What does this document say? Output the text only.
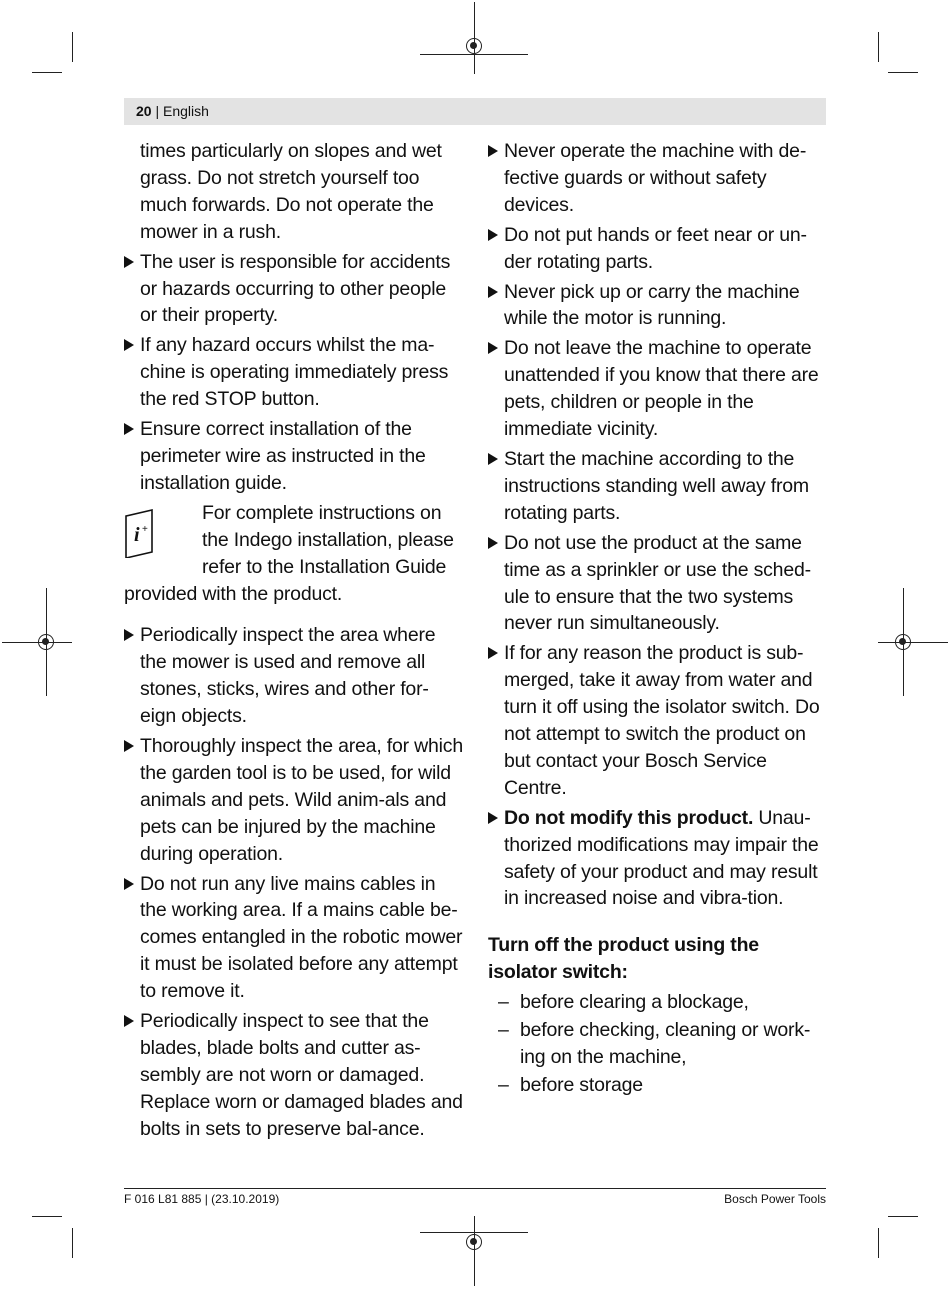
20 | English
times particularly on slopes and wet grass. Do not stretch yourself too much forwards. Do not operate the mower in a rush.
The user is responsible for accidents or hazards occurring to other people or their property.
If any hazard occurs whilst the ma-chine is operating immediately press the red STOP button.
Ensure correct installation of the perimeter wire as instructed in the installation guide.
i +
For complete instructions on the Indego installation, please refer to the Installation Guide
provided with the product.
Periodically inspect the area where the mower is used and remove all stones, sticks, wires and other for-eign objects.
Thoroughly inspect the area, for which the garden tool is to be used, for wild animals and pets. Wild anim-als and pets can be injured by the machine during operation.
Do not run any live mains cables in the working area. If a mains cable be-comes entangled in the robotic mower it must be isolated before any attempt to remove it.
Periodically inspect to see that the blades, blade bolts and cutter as-sembly are not worn or damaged. Replace worn or damaged blades and bolts in sets to preserve bal-ance.
Never operate the machine with de-fective guards or without safety devices.
Do not put hands or feet near or un-der rotating parts.
Never pick up or carry the machine while the motor is running.
Do not leave the machine to operate unattended if you know that there are pets, children or people in the immediate vicinity.
Start the machine according to the instructions standing well away from rotating parts.
Do not use the product at the same time as a sprinkler or use the sched-ule to ensure that the two systems never run simultaneously.
If for any reason the product is sub-merged, take it away from water and turn it off using the isolator switch. Do not attempt to switch the product on but contact your Bosch Service Centre.
Do not modify this product. Unau-thorized modifications may impair the safety of your product and may result in increased noise and vibra-tion.
Turn off the product using the isolator switch:
– before clearing a blockage,
– before checking, cleaning or work-ing on the machine,
– before storage
F 016 L81 885 | (23.10.2019)	Bosch Power Tools
